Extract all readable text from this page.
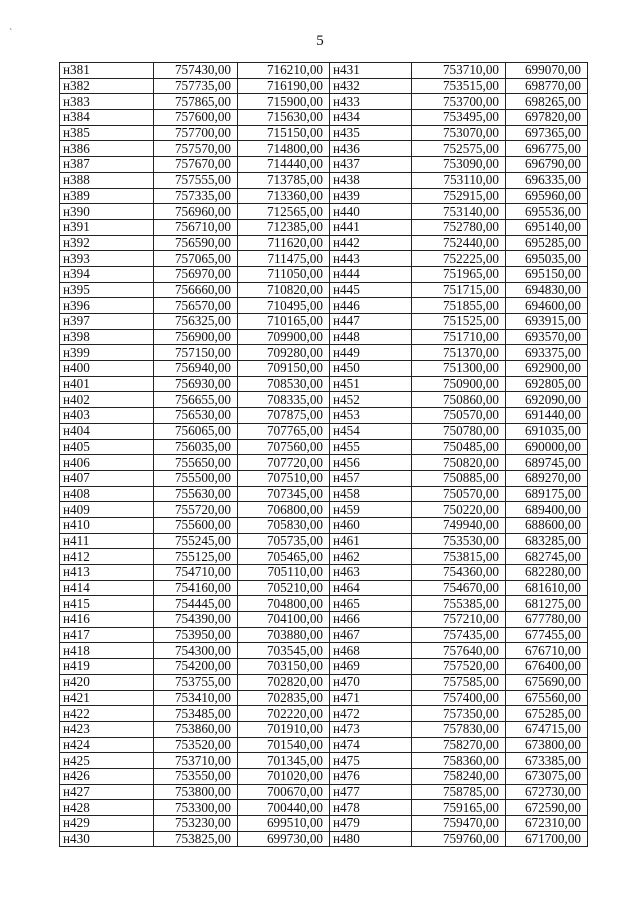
`	5
н381	757430,00	716210,00	н431	753710,00	699070,00
н382	757735,00	716190,00	н432	753515,00	698770,00
н383	757865,00	715900,00	н433	753700,00	698265,00
н384	757600,00	715630,00	н434	753495,00	697820,00
н385	757700,00	715150,00	н435	753070,00	697365,00
н386	757570,00	714800,00	н436	752575,00	696775,00
н387	757670,00	714440,00	н437	753090,00	696790,00
н388	757555,00	713785,00	н438	753110,00	696335,00
н389	757335,00	713360,00	н439	752915,00	695960,00
н390	756960,00	712565,00	н440	753140,00	695536,00
н391	756710,00	712385,00	н441	752780,00	695140,00
н392	756590,00	711620,00	н442	752440,00	695285,00
н393	757065,00	711475,00	н443	752225,00	695035,00
н394	756970,00	711050,00	н444	751965,00	695150,00
н395	756660,00	710820,00	н445	751715,00	694830,00
н396	756570,00	710495,00	н446	751855,00	694600,00
н397	756325,00	710165,00	н447	751525,00	693915,00
н398	756900,00	709900,00	н448	751710,00	693570,00
н399	757150,00	709280,00	н449	751370,00	693375,00
н400	756940,00	709150,00	н450	751300,00	692900,00
н401	756930,00	708530,00	н451	750900,00	692805,00
н402	756655,00	708335,00	н452	750860,00	692090,00
н403	756530,00	707875,00	н453	750570,00	691440,00
н404	756065,00	707765,00	н454	750780,00	691035,00
н405	756035,00	707560,00	н455	750485,00	690000,00
н406	755650,00	707720,00	н456	750820,00	689745,00
н407	755500,00	707510,00	н457	750885,00	689270,00
н408	755630,00	707345,00	н458	750570,00	689175,00
н409	755720,00	706800,00	н459	750220,00	689400,00
н410	755600,00	705830,00	н460	749940,00	688600,00
н411	755245,00	705735,00	н461	753530,00	683285,00
н412	755125,00	705465,00	н462	753815,00	682745,00
н413	754710,00	705110,00	н463	754360,00	682280,00
н414	754160,00	705210,00	н464	754670,00	681610,00
н415	754445,00	704800,00	н465	755385,00	681275,00
н416	754390,00	704100,00	н466	757210,00	677780,00
н417	753950,00	703880,00	н467	757435,00	677455,00
н418	754300,00	703545,00	н468	757640,00	676710,00
н419	754200,00	703150,00	н469	757520,00	676400,00
н420	753755,00	702820,00	н470	757585,00	675690,00
н421	753410,00	702835,00	н471	757400,00	675560,00
н422	753485,00	702220,00	н472	757350,00	675285,00
н423	753860,00	701910,00	н473	757830,00	674715,00
н424	753520,00	701540,00	н474	758270,00	673800,00
н425	753710,00	701345,00	н475	758360,00	673385,00
н426	753550,00	701020,00	н476	758240,00	673075,00
н427	753800,00	700670,00	н477	758785,00	672730,00
н428	753300,00	700440,00	н478	759165,00	672590,00
н429	753230,00	699510,00	н479	759470,00	672310,00
н430	753825,00	699730,00	н480	759760,00	671700,00
